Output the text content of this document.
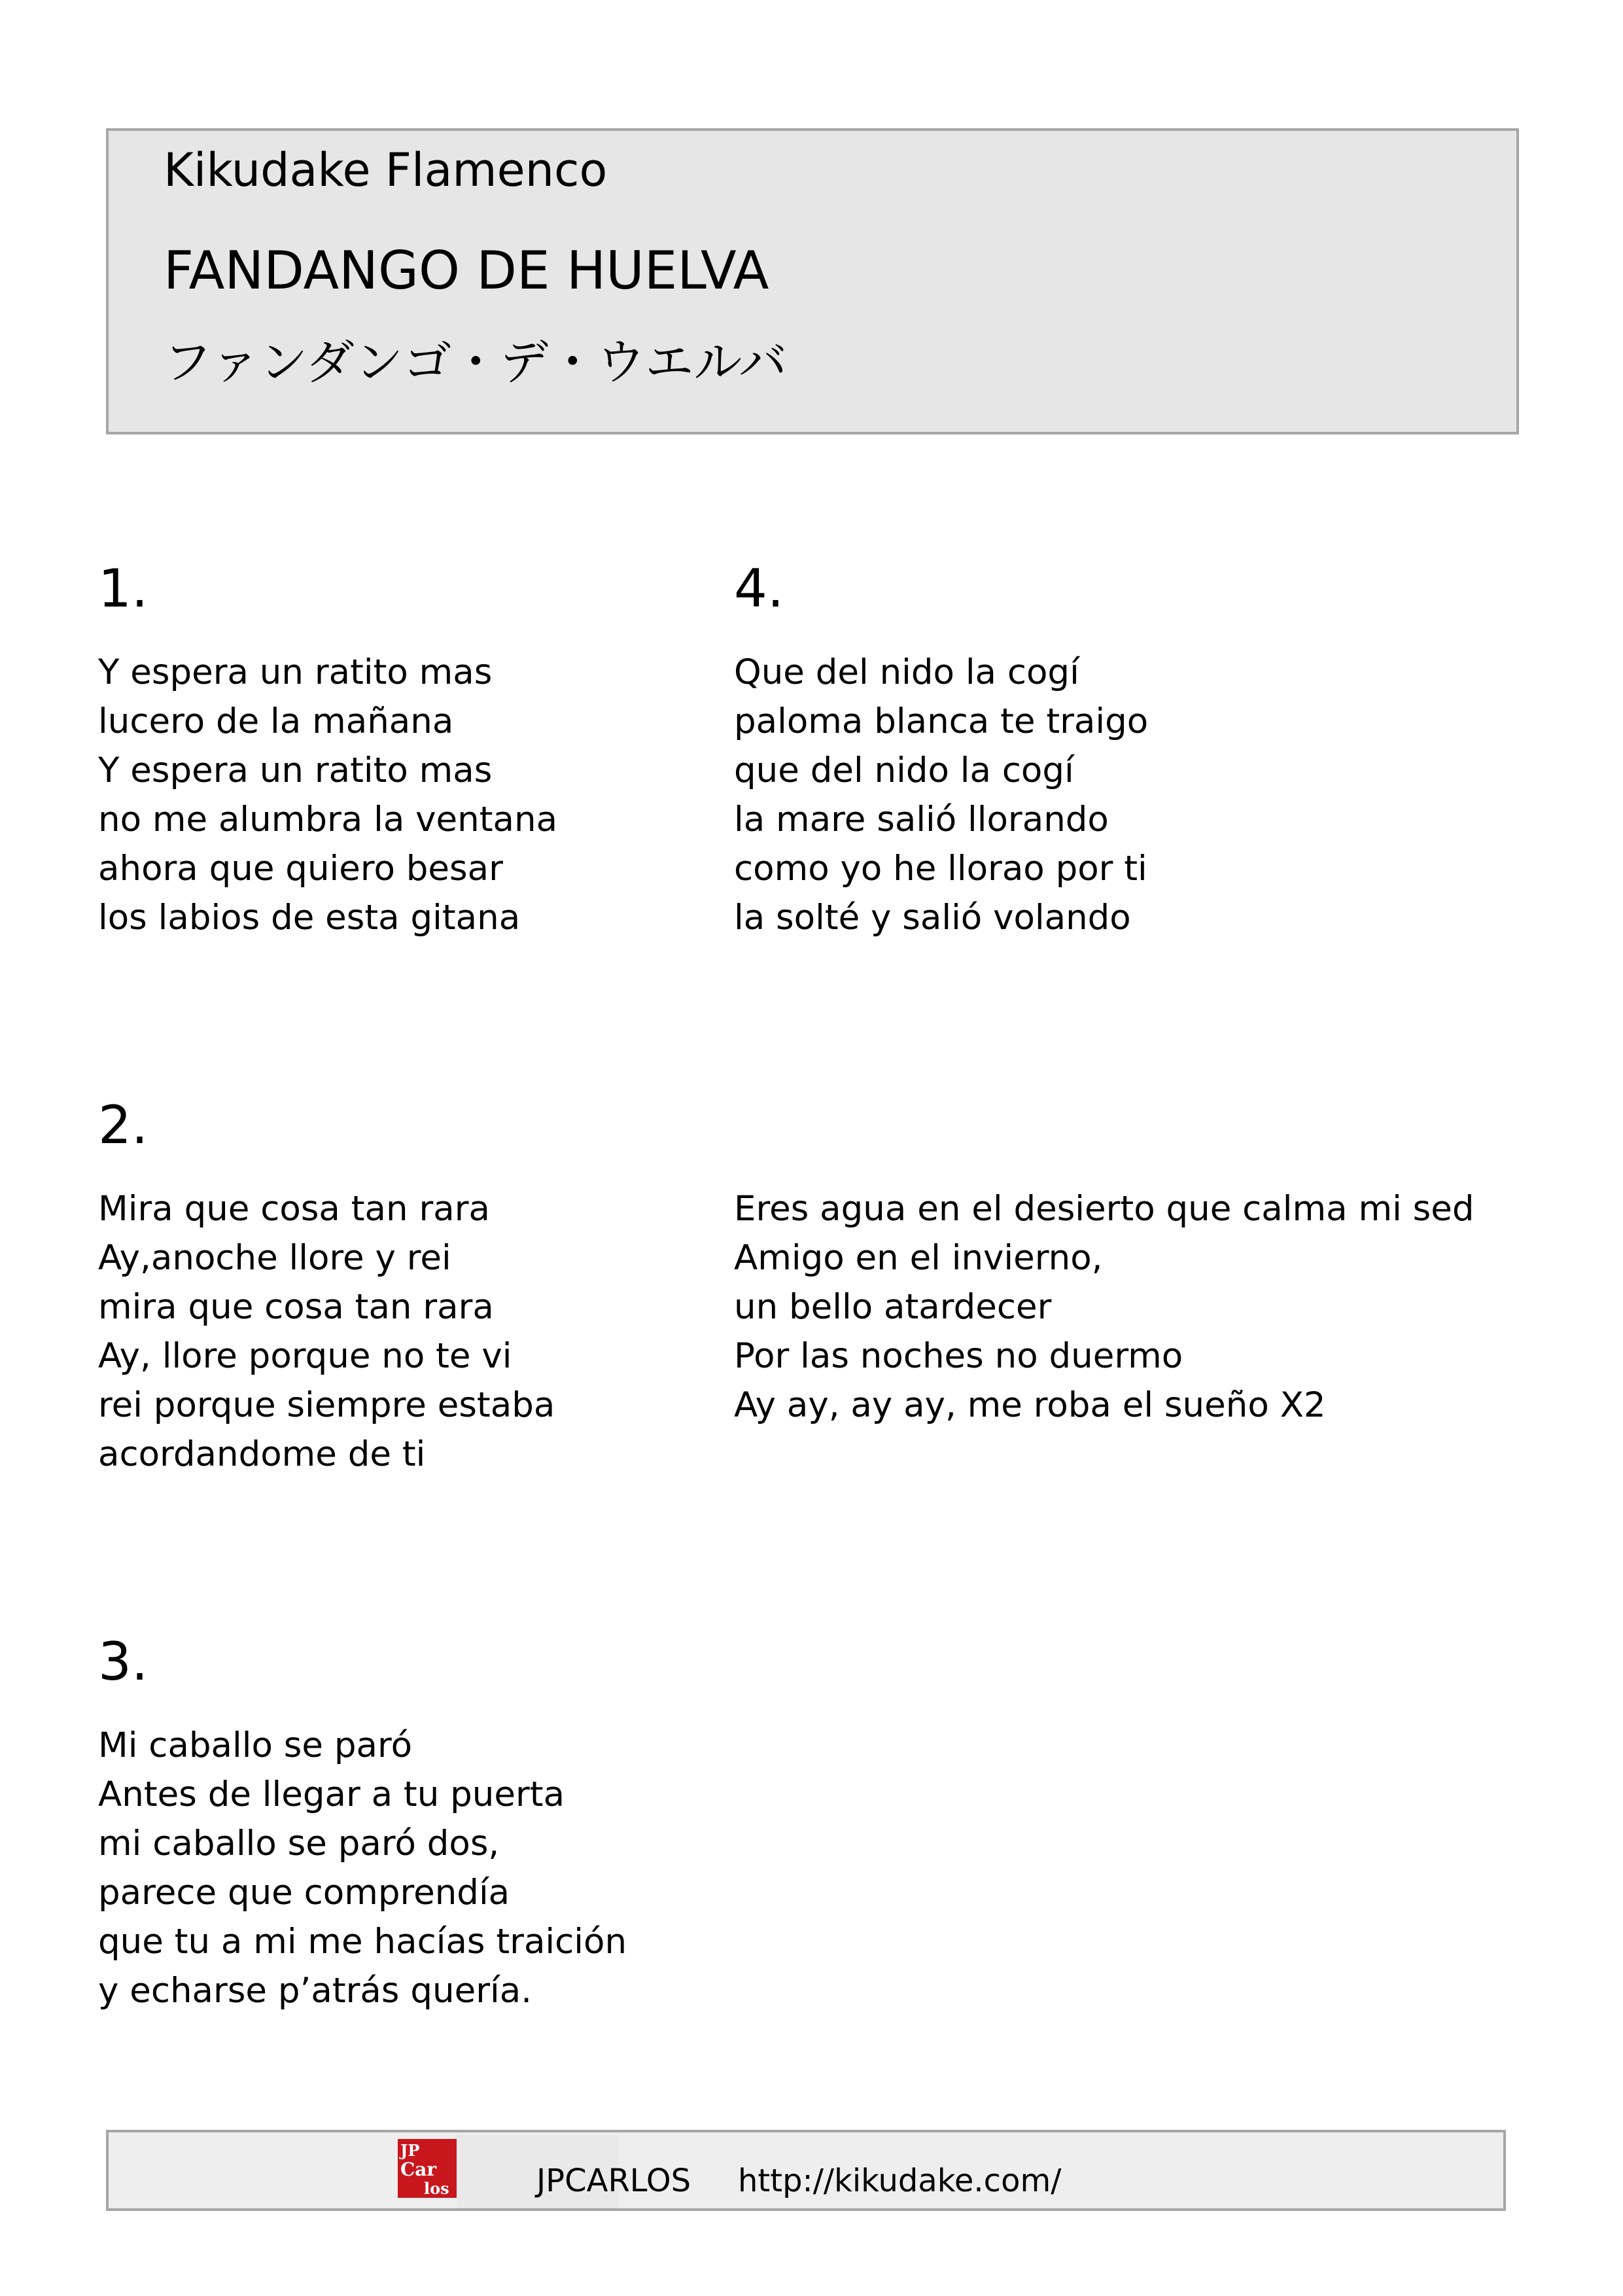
Kikudake Flamenco
FANDANGO DE HUELVA
ファンダンゴ・デ・ウエルバ
1.
Y espera un ratito mas
lucero de la mañana
Y espera un ratito mas
no me alumbra la ventana
ahora que quiero besar
los labios de esta gitana
4.
Que del nido la cogí
paloma blanca te traigo
que del nido la cogí
la mare salió llorando
como yo he llorao por ti
la solté y salió volando
2.
Mira que cosa tan rara
Ay,anoche llore y rei
mira que cosa tan rara
Ay, llore porque no te vi
rei porque siempre estaba
acordandome de ti
Eres agua en el desierto que calma mi sed
Amigo en el invierno,
un bello atardecer
Por las noches no duermo
Ay ay, ay ay, me roba el sueño X2
3.
Mi caballo se paró
Antes de llegar a tu puerta
mi caballo se paró dos,
parece que comprendía
que tu a mi me hacías traición
y echarse p’atrás quería.
JP
Car
los	JPCARLOS http://kikudake.com/
